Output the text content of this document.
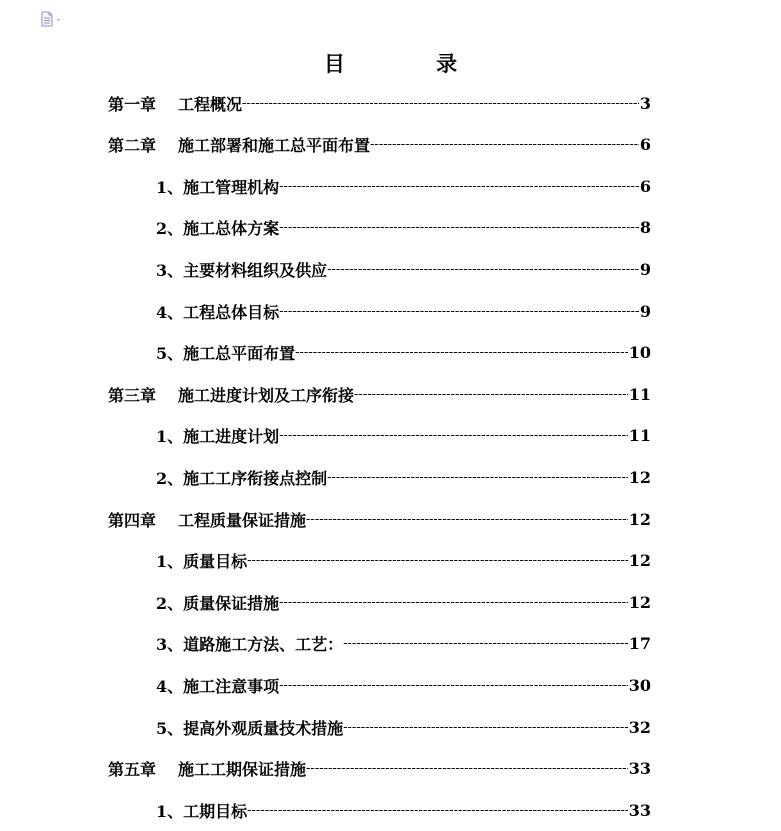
目 录
第一章 工程概况 -----	3
第二章 施工部署和施工总平面布置 -----	6
1、施工管理机构 -----	6
2、施工总体方案 -----	8
3、主要材料组织及供应 -----	9
4、工程总体目标 -----	9
5、施工总平面布置 -----	10
第三章 施工进度计划及工序衔接 -----	11
1、施工进度计划 -----	11
2、施工工序衔接点控制 -----	12
第四章 工程质量保证措施 -----	12
1、质量目标 -----	12
2、质量保证措施 -----	12
3、道路施工方法、工艺： -----	17
4、施工注意事项 -----	30
5、提高外观质量技术措施 -----	32
第五章 施工工期保证措施 -----	33
1、工期目标 -----	33
